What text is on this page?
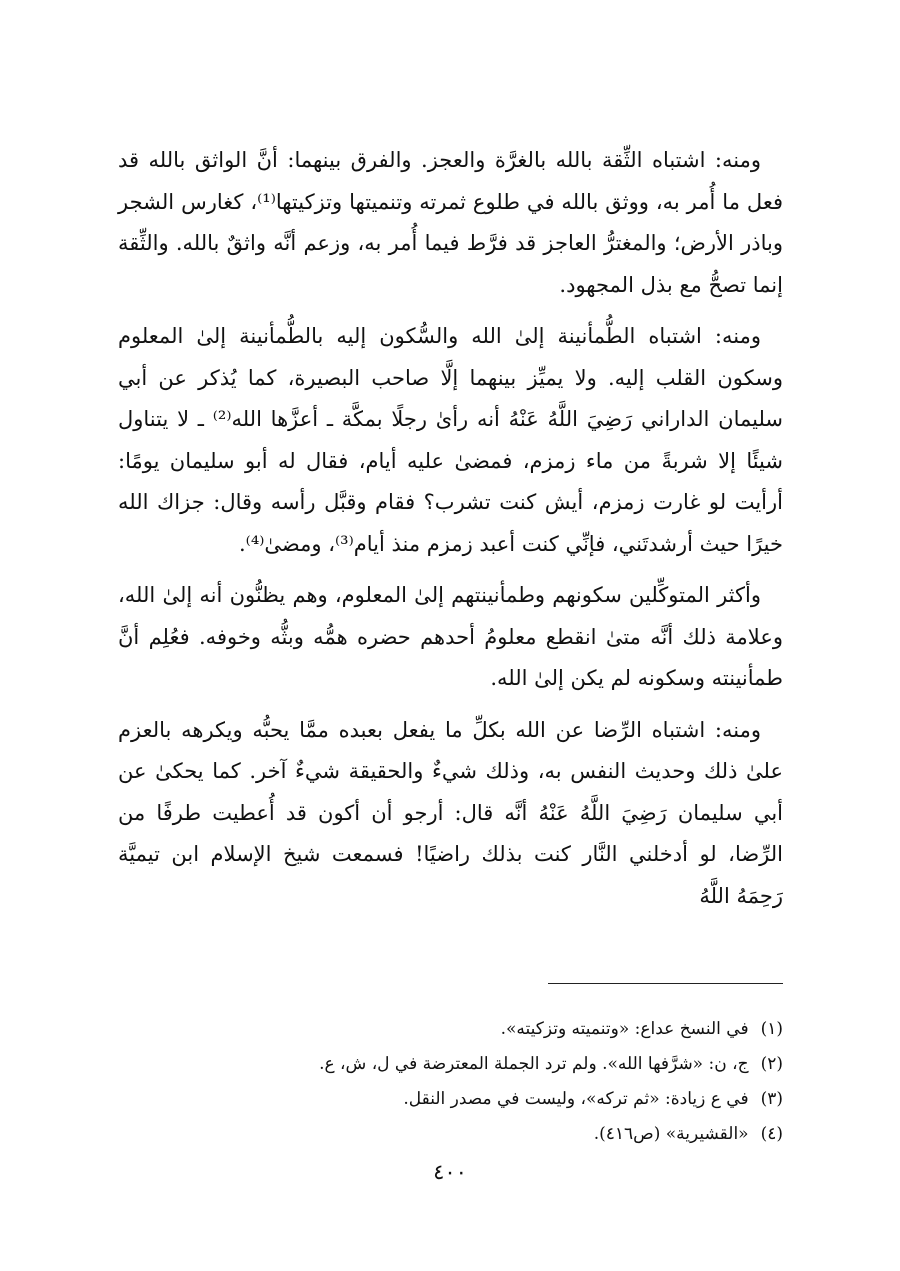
ومنه: اشتباه الثِّقة بالله بالغرَّة والعجز. والفرق بينهما: أنَّ الواثق بالله قد فعل ما أُمر به، ووثق بالله في طلوع ثمرته وتنميتها وتزكيتها⁽¹⁾، كغارس الشجر وباذر الأرض؛ والمغترُّ العاجز قد فرَّط فيما أُمر به، وزعم أنَّه واثقٌ بالله. والثِّقة إنما تصحُّ مع بذل المجهود.

ومنه: اشتباه الطُّمأنينة إلىٰ الله والسُّكون إليه بالطُّمأنينة إلىٰ المعلوم وسكون القلب إليه. ولا يميِّز بينهما إلَّا صاحب البصيرة، كما يُذكر عن أبي سليمان الداراني رَضِيَ اللَّهُ عَنْهُ أنه رأىٰ رجلًا بمكَّة ـ أعزَّها الله⁽²⁾ ـ لا يتناول شيئًا إلا شربةً من ماء زمزم، فمضىٰ عليه أيام، فقال له أبو سليمان يومًا: أرأيت لو غارت زمزم، أيش كنت تشرب؟ فقام وقبَّل رأسه وقال: جزاك الله خيرًا حيث أرشدتَني، فإنِّي كنت أعبد زمزم منذ أيام⁽³⁾، ومضىٰ⁽⁴⁾.

وأكثر المتوكِّلين سكونهم وطمأنينتهم إلىٰ المعلوم، وهم يظنُّون أنه إلىٰ الله، وعلامة ذلك أنَّه متىٰ انقطع معلومُ أحدهم حضره همُّه وبثُّه وخوفه. فعُلِم أنَّ طمأنينته وسكونه لم يكن إلىٰ الله.

ومنه: اشتباه الرِّضا عن الله بكلِّ ما يفعل بعبده ممَّا يحبُّه ويكرهه بالعزم علىٰ ذلك وحديث النفس به، وذلك شيءٌ والحقيقة شيءٌ آخر. كما يحكىٰ عن أبي سليمان رَضِيَ اللَّهُ عَنْهُ أنَّه قال: أرجو أن أكون قد أُعطيت طرفًا من الرِّضا، لو أدخلني النَّار كنت بذلك راضيًا! فسمعت شيخ الإسلام ابن تيميَّة رَحِمَهُ اللَّهُ

(١)في النسخ عداع: «وتنميته وتزكيته».
(٢)ج، ن: «شرَّفها الله». ولم ترد الجملة المعترضة في ل، ش، ع.
(٣)في ع زيادة: «ثم تركه»، وليست في مصدر النقل.
(٤)«القشيرية» (ص٤١٦).
٤٠٠
